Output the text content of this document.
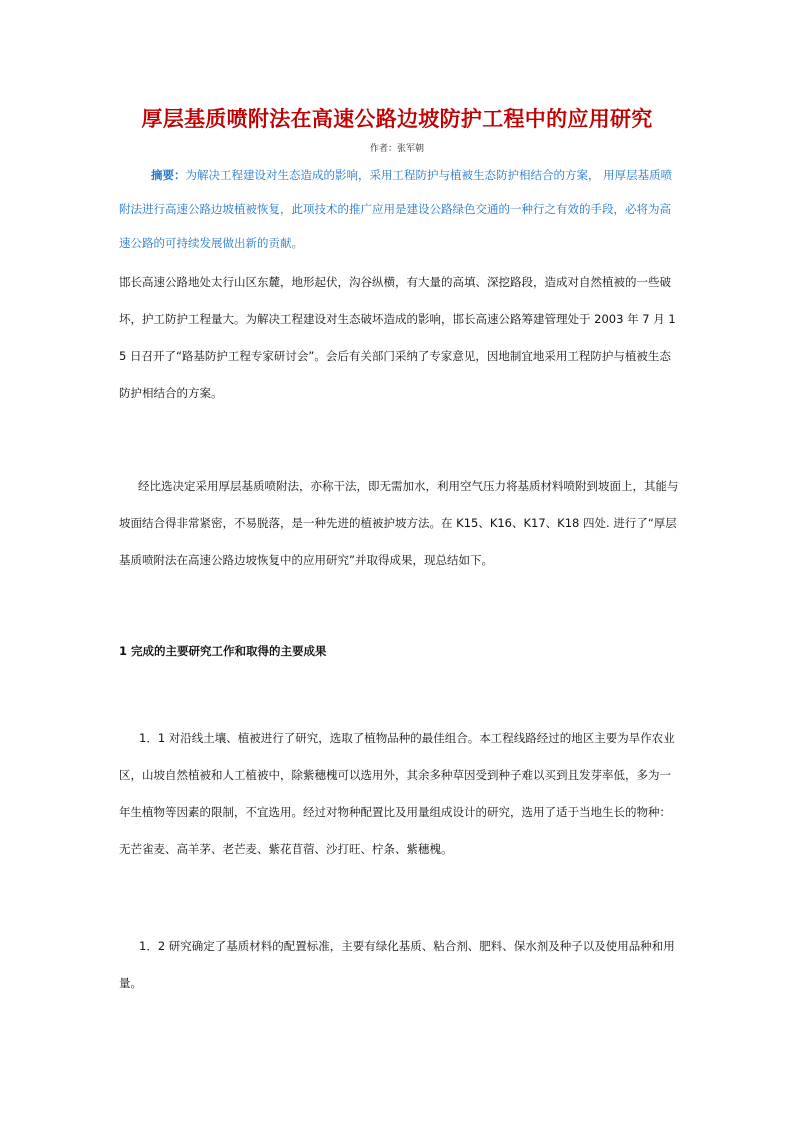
厚层基质喷附法在高速公路边坡防护工程中的应用研究
作者：张军朝
摘要：为解决工程建设对生态造成的影响，采用工程防护与植被生态防护相结合的方案， 用厚层基质喷附法进行高速公路边坡植被恢复，此项技术的推广应用是建设公路绿色交通的一种行之有效的手段，必将为高速公路的可持续发展做出新的贡献。
邯长高速公路地处太行山区东麓，地形起伏，沟谷纵横，有大量的高填、深挖路段，造成对自然植被的一些破坏，护工防护工程量大。为解决工程建设对生态破坏造成的影响，邯长高速公路筹建管理处于 2003 年 7 月 15 日召开了“路基防护工程专家研讨会”。会后有关部门采纳了专家意见，因地制宜地采用工程防护与植被生态防护相结合的方案。
经比选决定采用厚层基质喷附法，亦称干法，即无需加水，利用空气压力将基质材料喷附到坡面上，其能与坡面结合得非常紧密，不易脱落，是一种先进的植被护坡方法。在 K15、K16、K17、K18 四处. 进行了“厚层基质喷附法在高速公路边坡恢复中的应用研究”并取得成果，现总结如下。
1 完成的主要研究工作和取得的主要成果
1．1 对沿线土壤、植被进行了研究，选取了植物品种的最佳组合。本工程线路经过的地区主要为旱作农业区，山坡自然植被和人工植被中，除紫穗槐可以选用外，其余多种草因受到种子难以买到且发芽率低，多为一年生植物等因素的限制，不宜选用。经过对物种配置比及用量组成设计的研究，选用了适于当地生长的物种：无芒雀麦、高羊茅、老芒麦、紫花苜蓿、沙打旺、柠条、紫穗槐。
1．2 研究确定了基质材料的配置标准，主要有绿化基质、粘合剂、肥料、保水剂及种子以及使用品种和用量。
